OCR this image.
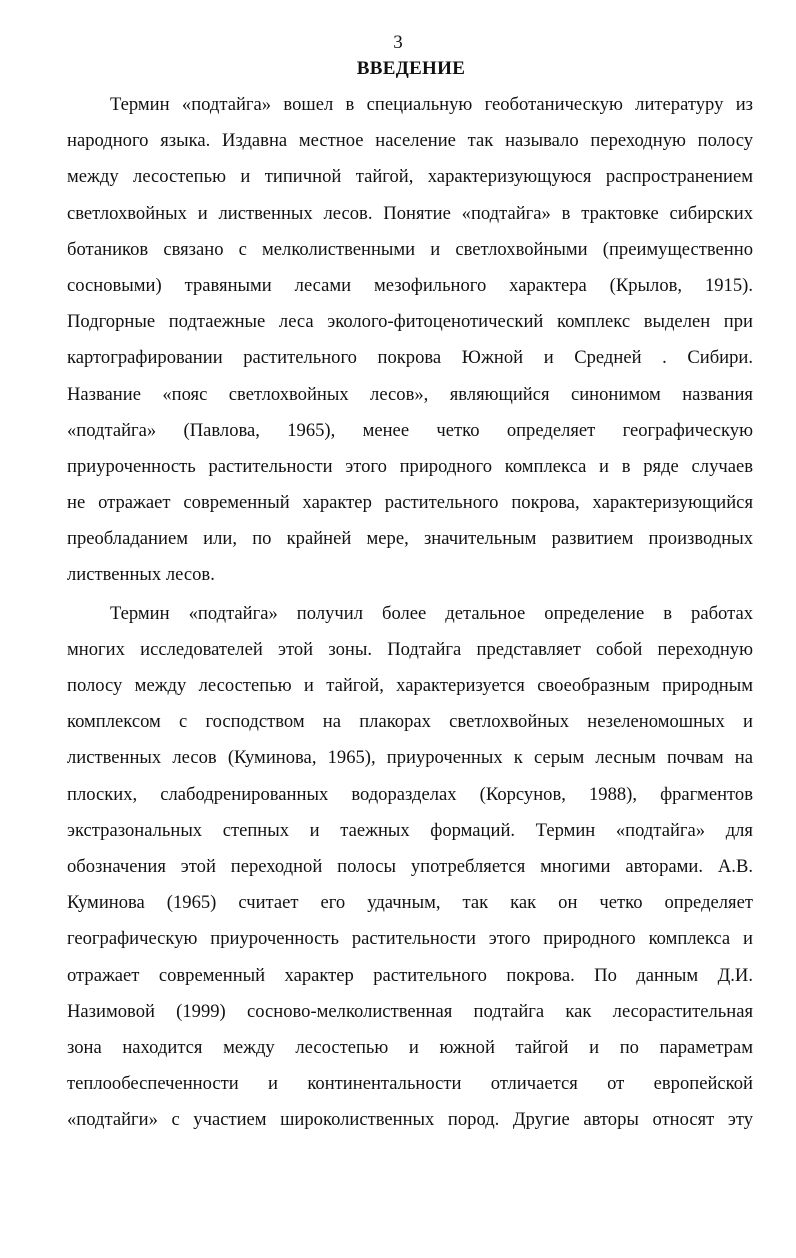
3
ВВЕДЕНИЕ
Термин «подтайга» вошел в специальную геоботаническую литературу из
народного языка. Издавна местное население так называло переходную полосу
между лесостепью и типичной тайгой, характеризующуюся распространением
светлохвойных и лиственных лесов. Понятие «подтайга» в трактовке сибирских
ботаников связано с мелколиственными и светлохвойными (преимущественно
сосновыми) травяными лесами мезофильного характера (Крылов, 1915).
Подгорные подтаежные леса эколого-фитоценотический комплекс выделен при
картографировании растительного покрова Южной и Средней . Сибири.
Название «пояс светлохвойных лесов», являющийся синонимом названия
«подтайга» (Павлова, 1965), менее четко определяет географическую
приуроченность растительности этого природного комплекса и в ряде случаев
не отражает современный характер растительного покрова, характеризующийся
преобладанием или, по крайней мере, значительным развитием производных
лиственных лесов.
Термин «подтайга» получил более детальное определение в работах
многих исследователей этой зоны. Подтайга представляет собой переходную
полосу между лесостепью и тайгой, характеризуется своеобразным природным
комплексом с господством на плакорах светлохвойных незеленомошных и
лиственных лесов (Куминова, 1965), приуроченных к серым лесным почвам на
плоских, слабодренированных водоразделах (Корсунов, 1988), фрагментов
экстразональных степных и таежных формаций. Термин «подтайга» для
обозначения этой переходной полосы употребляется многими авторами. А.В.
Куминова (1965) считает его удачным, так как он четко определяет
географическую приуроченность растительности этого природного комплекса и
отражает современный характер растительного покрова. По данным Д.И.
Назимовой (1999) сосново-мелколиственная подтайга как лесорастительная
зона находится между лесостепью и южной тайгой и по параметрам
теплообеспеченности и континентальности отличается от европейской
«подтайги» с участием широколиственных пород. Другие авторы относят эту
